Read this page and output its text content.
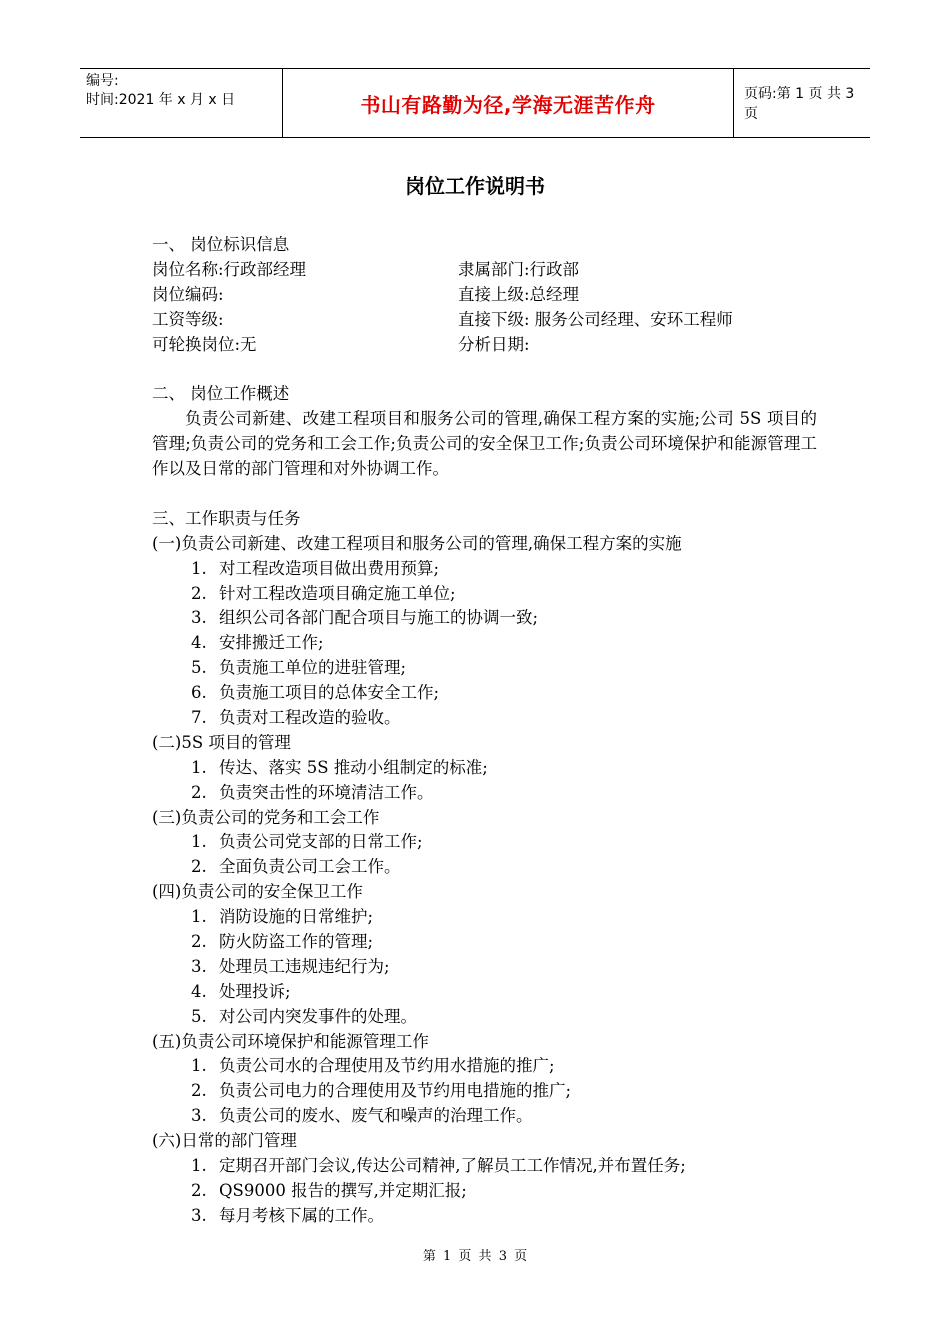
编号:
时间:2021 年 x 月 x 日	书山有路勤为径,学海无涯苦作舟	页码:第 1 页 共 3 页
岗位工作说明书
一、 岗位标识信息
岗位名称:行政部经理	隶属部门:行政部
岗位编码:	直接上级:总经理
工资等级:	直接下级: 服务公司经理、安环工程师
可轮换岗位:无	分析日期:
二、 岗位工作概述
负责公司新建、改建工程项目和服务公司的管理,确保工程方案的实施;公司 5S 项目的管理;负责公司的党务和工会工作;负责公司的安全保卫工作;负责公司环境保护和能源管理工作以及日常的部门管理和对外协调工作。
三、工作职责与任务
(一)负责公司新建、改建工程项目和服务公司的管理,确保工程方案的实施
1. 对工程改造项目做出费用预算;
2. 针对工程改造项目确定施工单位;
3. 组织公司各部门配合项目与施工的协调一致;
4. 安排搬迁工作;
5. 负责施工单位的进驻管理;
6. 负责施工项目的总体安全工作;
7. 负责对工程改造的验收。
(二)5S 项目的管理
1. 传达、落实 5S 推动小组制定的标准;
2. 负责突击性的环境清洁工作。
(三)负责公司的党务和工会工作
1. 负责公司党支部的日常工作;
2. 全面负责公司工会工作。
(四)负责公司的安全保卫工作
1. 消防设施的日常维护;
2. 防火防盗工作的管理;
3. 处理员工违规违纪行为;
4. 处理投诉;
5. 对公司内突发事件的处理。
(五)负责公司环境保护和能源管理工作
1. 负责公司水的合理使用及节约用水措施的推广;
2. 负责公司电力的合理使用及节约用电措施的推广;
3. 负责公司的废水、废气和噪声的治理工作。
(六)日常的部门管理
1. 定期召开部门会议,传达公司精神,了解员工工作情况,并布置任务;
2. QS9000 报告的撰写,并定期汇报;
3. 每月考核下属的工作。
第 1 页 共 3 页
